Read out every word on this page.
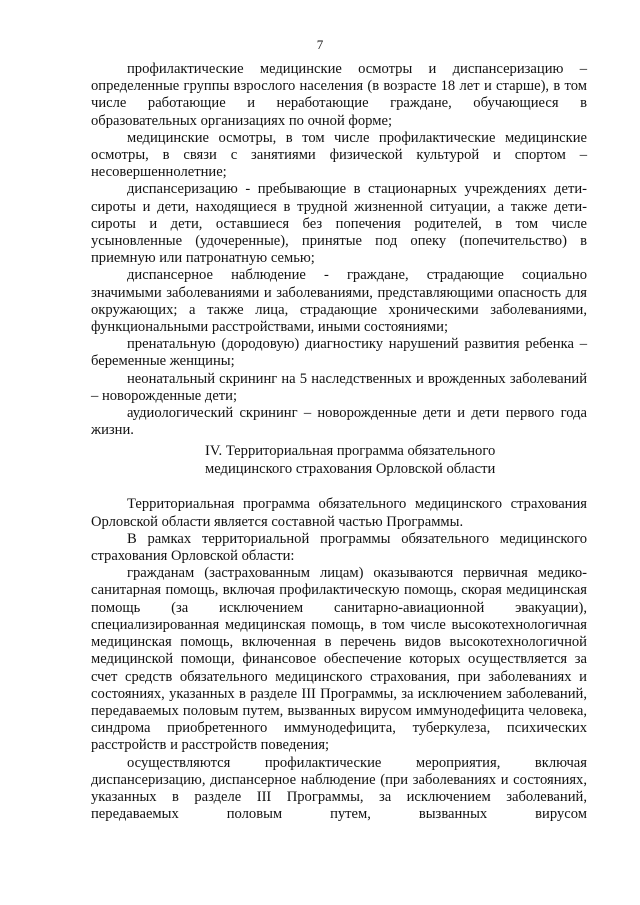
7

профилактические медицинские осмотры и диспансеризацию – определенные группы взрослого населения (в возрасте 18 лет и старше), в том числе работающие и неработающие граждане, обучающиеся в образовательных организациях по очной форме;

медицинские осмотры, в том числе профилактические медицинские осмотры, в связи с занятиями физической культурой и спортом – несовершеннолетние;

диспансеризацию - пребывающие в стационарных учреждениях дети-сироты и дети, находящиеся в трудной жизненной ситуации, а также дети-сироты и дети, оставшиеся без попечения родителей, в том числе усыновленные (удочеренные), принятые под опеку (попечительство) в приемную или патронатную семью;

диспансерное наблюдение - граждане, страдающие социально значимыми заболеваниями и заболеваниями, представляющими опасность для окружающих; а также лица, страдающие хроническими заболеваниями, функциональными расстройствами, иными состояниями;

пренатальную (дородовую) диагностику нарушений развития ребенка – беременные женщины;

неонатальный скрининг на 5 наследственных и врожденных заболеваний – новорожденные дети;

аудиологический скрининг – новорожденные дети и дети первого года жизни.

IV. Территориальная программа обязательного
медицинского страхования Орловской области

Территориальная программа обязательного медицинского страхования Орловской области является составной частью Программы.

В рамках территориальной программы обязательного медицинского страхования Орловской области:

гражданам (застрахованным лицам) оказываются первичная медико-санитарная помощь, включая профилактическую помощь, скорая медицинская помощь (за исключением санитарно-авиационной эвакуации), специализированная медицинская помощь, в том числе высокотехнологичная медицинская помощь, включенная в перечень видов высокотехнологичной медицинской помощи, финансовое обеспечение которых осуществляется за счет средств обязательного медицинского страхования, при заболеваниях и состояниях, указанных в разделе III Программы, за исключением заболеваний, передаваемых половым путем, вызванных вирусом иммунодефицита человека, синдрома приобретенного иммунодефицита, туберкулеза, психических расстройств и расстройств поведения;

осуществляются профилактические мероприятия, включая диспансеризацию, диспансерное наблюдение (при заболеваниях и состояниях, указанных в разделе III Программы, за исключением заболеваний, передаваемых половым путем, вызванных вирусом
